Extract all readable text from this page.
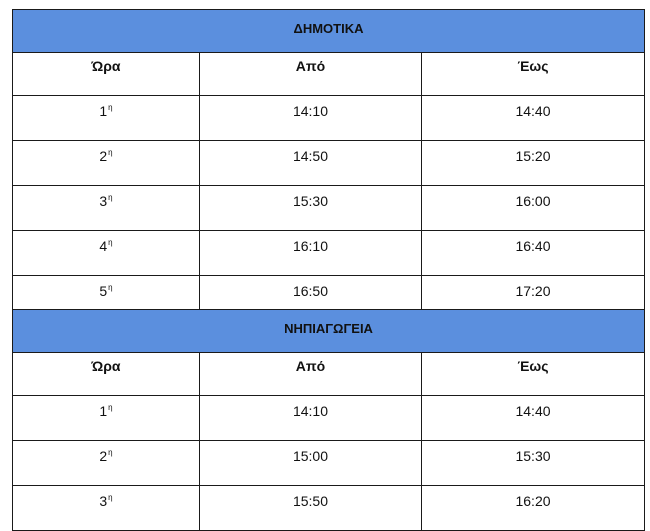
ΔΗΜΟΤΙΚΑ		
Ώρα	Από	Έως
$1^\eta$	14:10	14:40
$2^\eta$	14:50	15:20
$3^\eta$	15:30	16:00
$4^\eta$	16:10	16:40
$5^\eta$	16:50	17:20
ΝΗΠΙΑΓΩΓΕΙΑ		
Ώρα	Από	Έως
$1^\eta$	14:10	14:40
$2^\eta$	15:00	15:30
$3^\eta$	15:50	16:20
